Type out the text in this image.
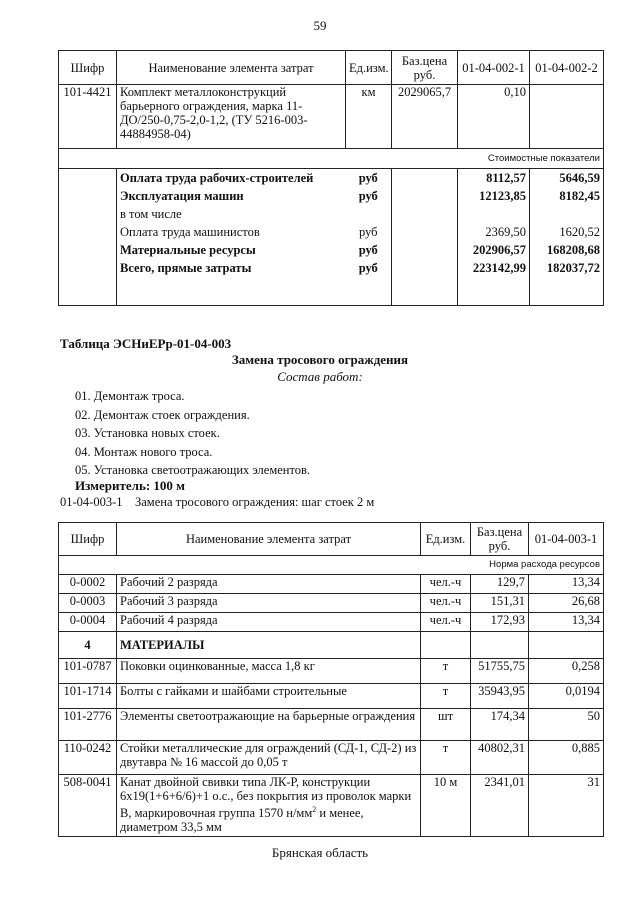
59
Шифр	Наименование элемента затрат	Ед.изм.	Баз.цена руб.	01-04-002-1	01-04-002-2
101-4421	Комплект металлоконструкций барьерного ограждения, марка 11-ДО/250-0,75-2,0-1,2, (ТУ 5216-003-44884958-04)	км	2029065,7	0,10	
Стоимостные показатели					
	Оплата труда рабочих-строителей	руб		8112,57	5646,59
	Эксплуатация машин	руб		12123,85	8182,45
	в том числе				
	Оплата труда машинистов	руб		2369,50	1620,52
	Материальные ресурсы	руб		202906,57	168208,68
	Всего, прямые затраты	руб		223142,99	182037,72

Таблица ЭСНиЕРр-01-04-003
Замена тросового ограждения
Состав работ:
01. Демонтаж троса.
02. Демонтаж стоек ограждения.
03. Установка новых стоек.
04. Монтаж нового троса.
05. Установка светоотражающих элементов.
Измеритель: 100 м
01-04-003-1    Замена тросового ограждения: шаг стоек 2 м
Шифр	Наименование элемента затрат	Ед.изм.	Баз.цена руб.	01-04-003-1
Норма расхода ресурсов				
0-0002	Рабочий 2 разряда	чел.-ч	129,7	13,34
0-0003	Рабочий 3 разряда	чел.-ч	151,31	26,68
0-0004	Рабочий 4 разряда	чел.-ч	172,93	13,34
4	МАТЕРИАЛЫ			
101-0787	Поковки оцинкованные, масса 1,8 кг	т	51755,75	0,258
101-1714	Болты с гайками и шайбами строительные	т	35943,95	0,0194
101-2776	Элементы светоотражающие на барьерные ограждения	шт	174,34	50
110-0242	Стойки металлические для ограждений (СД-1, СД-2) из двутавра № 16 массой до 0,05 т	т	40802,31	0,885
508-0041	Канат двойной свивки типа ЛК-Р, конструкции 6х19(1+6+6/6)+1 о.с., без покрытия из проволок марки В, маркировочная группа 1570 $н/мм^2$ и менее, диаметром 33,5 мм	10 м	2341,01	31
Брянская область
